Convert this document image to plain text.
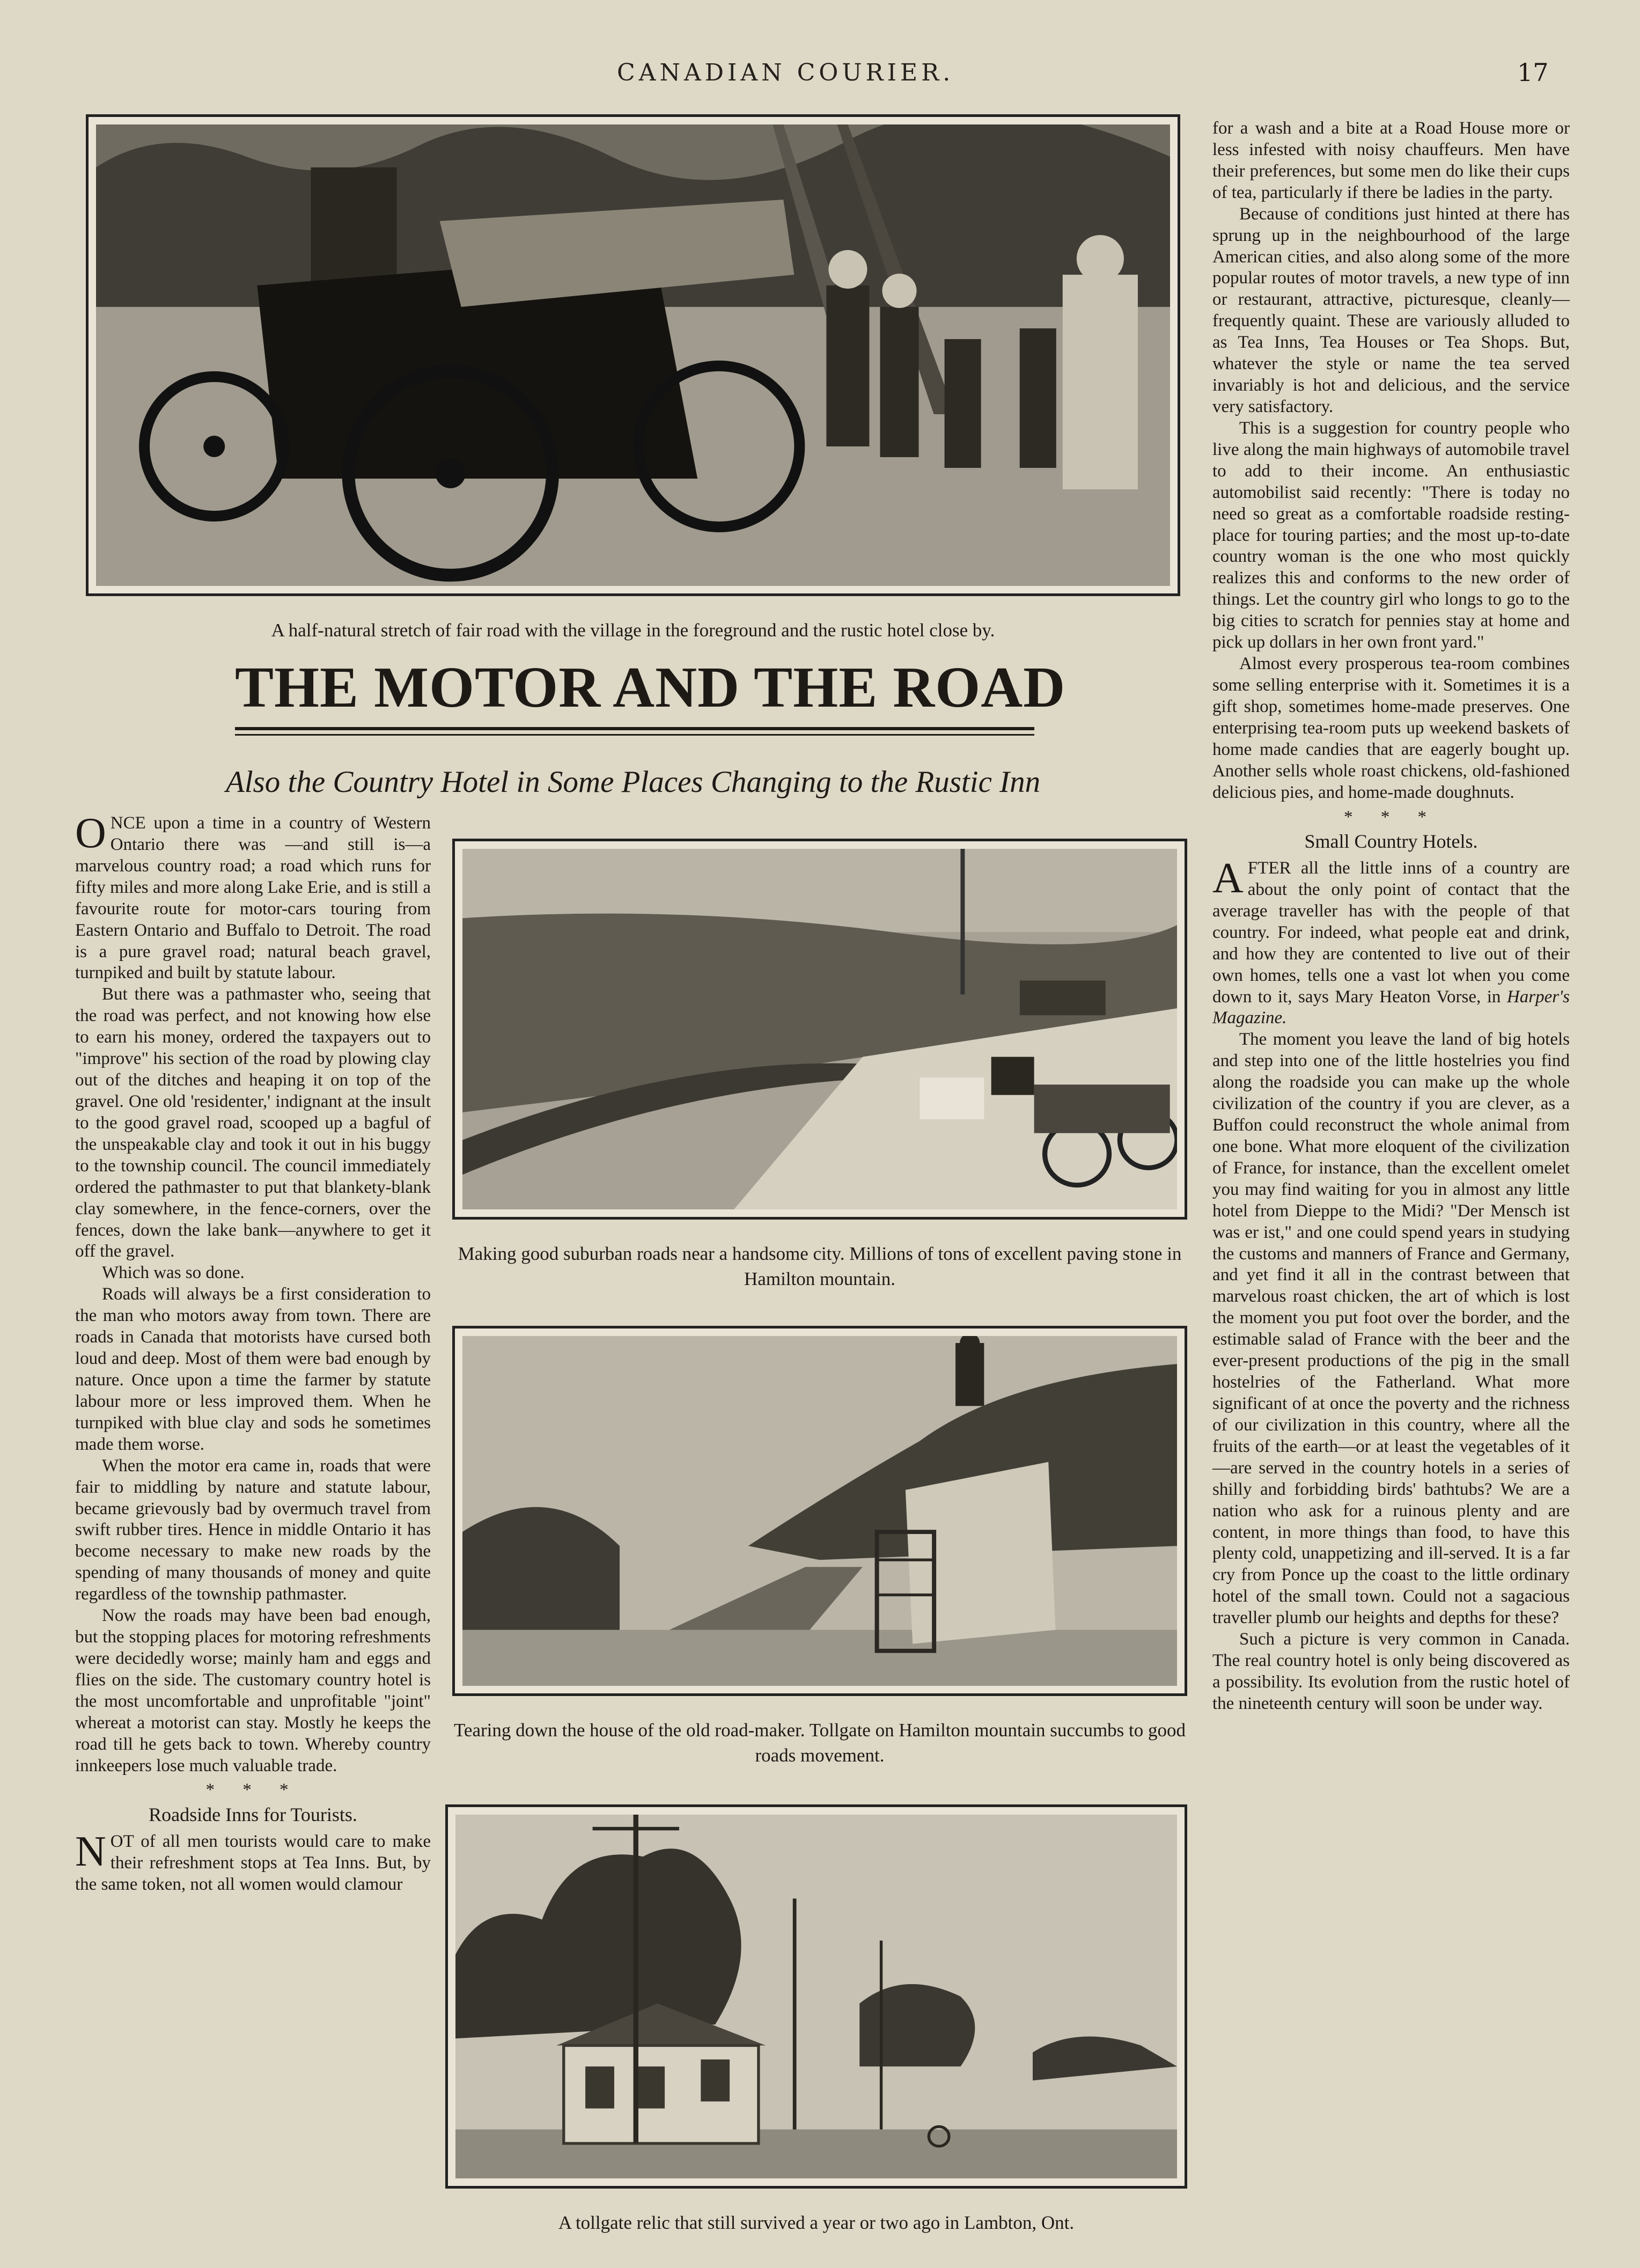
CANADIAN COURIER.	17
A half-natural stretch of fair road with the village in the foreground and the rustic hotel close by.
THE MOTOR AND THE ROAD
Also the Country Hotel in Some Places Changing to the Rustic Inn

ONCE upon a time in a country of Western Ontario there was —and still is—a marvelous country road; a road which runs for fifty miles and more along Lake Erie, and is still a favourite route for motor-cars touring from Eastern Ontario and Buffalo to Detroit. The road is a pure gravel road; natural beach gravel, turnpiked and built by statute labour.

But there was a pathmaster who, seeing that the road was perfect, and not knowing how else to earn his money, ordered the taxpayers out to "improve" his section of the road by plowing clay out of the ditches and heaping it on top of the gravel. One old 'residenter,' indignant at the insult to the good gravel road, scooped up a bagful of the unspeakable clay and took it out in his buggy to the township council. The council immediately ordered the pathmaster to put that blankety-blank clay somewhere, in the fence-corners, over the fences, down the lake bank—anywhere to get it off the gravel.

Which was so done.

Roads will always be a first consideration to the man who motors away from town. There are roads in Canada that motorists have cursed both loud and deep. Most of them were bad enough by nature. Once upon a time the farmer by statute labour more or less improved them. When he turnpiked with blue clay and sods he sometimes made them worse.

When the motor era came in, roads that were fair to middling by nature and statute labour, became grievously bad by overmuch travel from swift rubber tires. Hence in middle Ontario it has become necessary to make new roads by the spending of many thousands of money and quite regardless of the township pathmaster.

Now the roads may have been bad enough, but the stopping places for motoring refreshments were decidedly worse; mainly ham and eggs and flies on the side. The customary country hotel is the most uncomfortable and unprofitable "joint" whereat a motorist can stay. Mostly he keeps the road till he gets back to town. Whereby country innkeepers lose much valuable trade.

* * *

Roadside Inns for Tourists.

NOT of all men tourists would care to make their refreshment stops at Tea Inns. But, by the same token, not all women would clamour

Making good suburban roads near a handsome city. Millions of tons of excellent paving stone in Hamilton mountain.
Tearing down the house of the old road-maker. Tollgate on Hamilton mountain succumbs to good roads movement.
A tollgate relic that still survived a year or two ago in Lambton, Ont.

for a wash and a bite at a Road House more or less infested with noisy chauffeurs. Men have their preferences, but some men do like their cups of tea, particularly if there be ladies in the party.

Because of conditions just hinted at there has sprung up in the neighbourhood of the large American cities, and also along some of the more popular routes of motor travels, a new type of inn or restaurant, attractive, picturesque, cleanly—frequently quaint. These are variously alluded to as Tea Inns, Tea Houses or Tea Shops. But, whatever the style or name the tea served invariably is hot and delicious, and the service very satisfactory.

This is a suggestion for country people who live along the main highways of automobile travel to add to their income. An enthusiastic automobilist said recently: "There is today no need so great as a comfortable roadside resting-place for touring parties; and the most up-to-date country woman is the one who most quickly realizes this and conforms to the new order of things. Let the country girl who longs to go to the big cities to scratch for pennies stay at home and pick up dollars in her own front yard."

Almost every prosperous tea-room combines some selling enterprise with it. Sometimes it is a gift shop, sometimes home-made preserves. One enterprising tea-room puts up weekend baskets of home made candies that are eagerly bought up. Another sells whole roast chickens, old-fashioned delicious pies, and home-made doughnuts.

* * *

Small Country Hotels.

AFTER all the little inns of a country are about the only point of contact that the average traveller has with the people of that country. For indeed, what people eat and drink, and how they are contented to live out of their own homes, tells one a vast lot when you come down to it, says Mary Heaton Vorse, in Harper's Magazine.

The moment you leave the land of big hotels and step into one of the little hostelries you find along the roadside you can make up the whole civilization of the country if you are clever, as a Buffon could reconstruct the whole animal from one bone. What more eloquent of the civilization of France, for instance, than the excellent omelet you may find waiting for you in almost any little hotel from Dieppe to the Midi? "Der Mensch ist was er ist," and one could spend years in studying the customs and manners of France and Germany, and yet find it all in the contrast between that marvelous roast chicken, the art of which is lost the moment you put foot over the border, and the estimable salad of France with the beer and the ever-present productions of the pig in the small hostelries of the Fatherland. What more significant of at once the poverty and the richness of our civilization in this country, where all the fruits of the earth—or at least the vegetables of it—are served in the country hotels in a series of shilly and forbidding birds' bathtubs? We are a nation who ask for a ruinous plenty and are content, in more things than food, to have this plenty cold, unappetizing and ill-served. It is a far cry from Ponce up the coast to the little ordinary hotel of the small town. Could not a sagacious traveller plumb our heights and depths for these?

Such a picture is very common in Canada. The real country hotel is only being discovered as a possibility. Its evolution from the rustic hotel of the nineteenth century will soon be under way.
